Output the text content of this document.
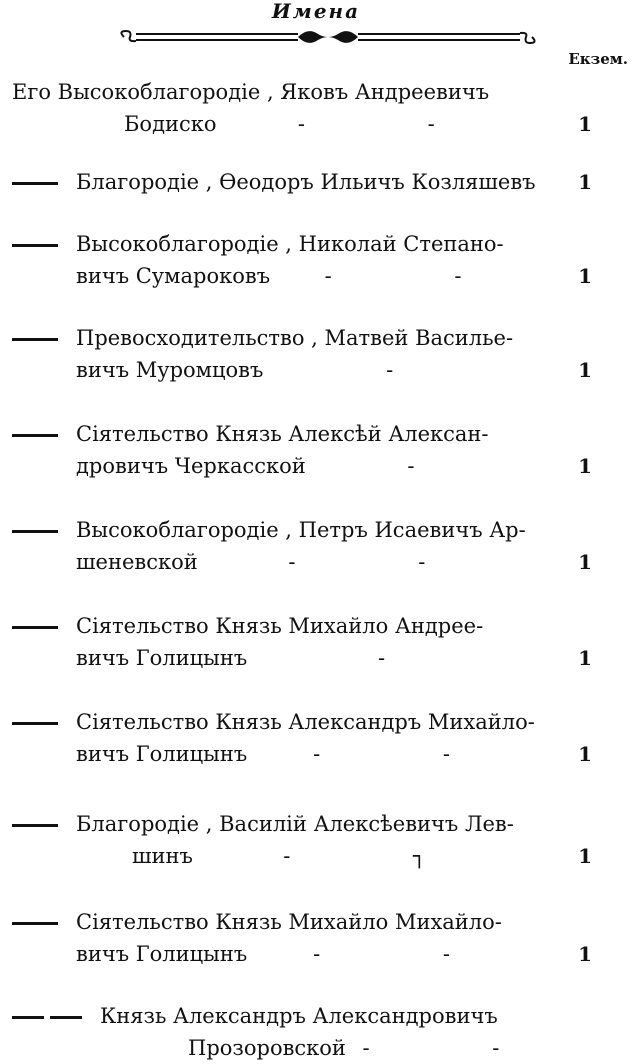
Имена
Екзем.
Его Высокоблагородіе , Яковъ Андреевичъ
Бодиско	- -	1
Благородіе , Өеодоръ Ильичъ Козляшевъ 1
Высокоблагородіе , Николай Степано-
вичъ Сумароковъ	- -	1
Превосходительство , Матвей Василье-
вичъ Муромцовъ	-	1
Сіятельство Князь Алексѣй Алексан-
дровичъ Черкасской	-	1
Высокоблагородіе , Петръ Исаевичъ Ар-
шеневской	- -	1
Сіятельство Князь Михайло Андрее-
вичъ Голицынъ	-	1
Сіятельство Князь Александръ Михайло-
вичъ Голицынъ	- -	1
Благородіе , Василій Алексѣевичъ Лев-
шинъ	- ┐	1
Сіятельство Князь Михайло Михайло-
вичъ Голицынъ	- -	1
Князь Александръ Александровичъ
Прозоровской - -
